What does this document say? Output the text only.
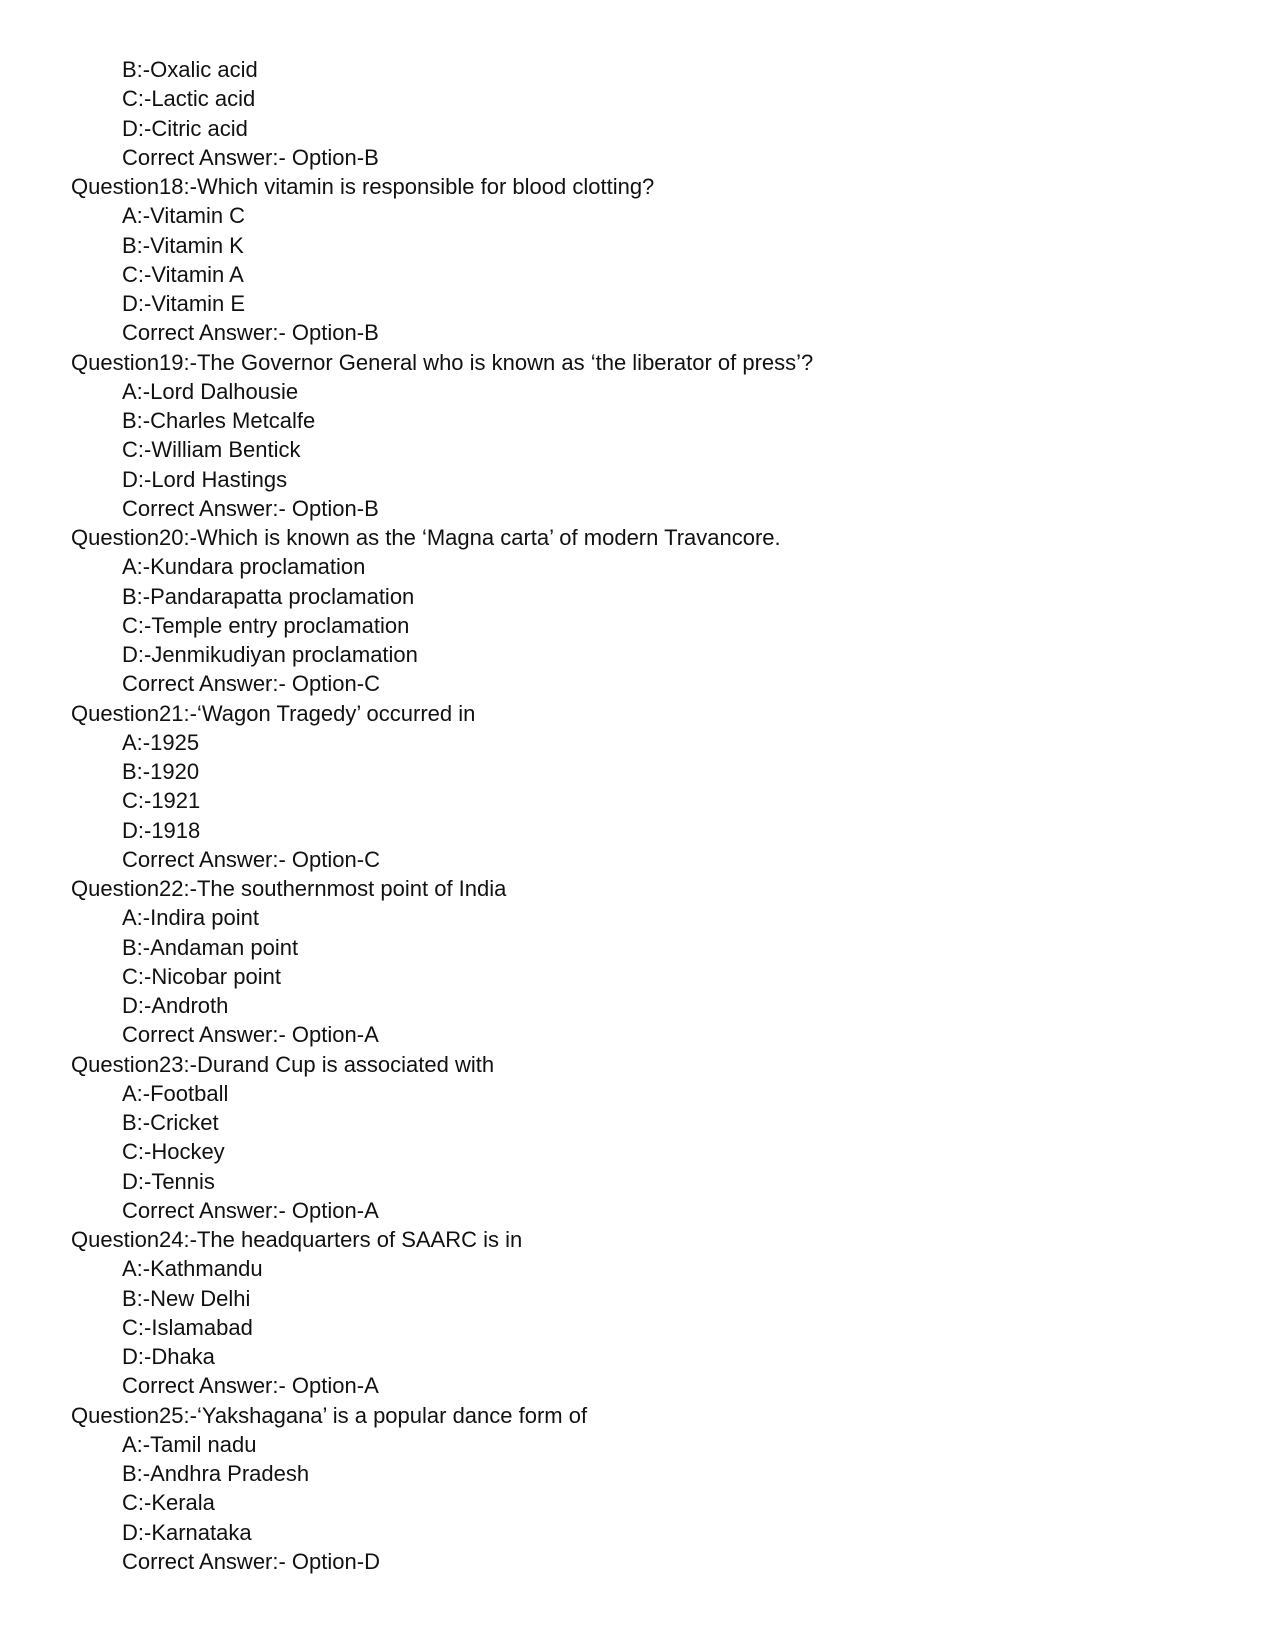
B:-Oxalic acid
C:-Lactic acid
D:-Citric acid
Correct Answer:- Option-B
Question18:-Which vitamin is responsible for blood clotting?
A:-Vitamin C
B:-Vitamin K
C:-Vitamin A
D:-Vitamin E
Correct Answer:- Option-B
Question19:-The Governor General who is known as ‘the liberator of press’?
A:-Lord Dalhousie
B:-Charles Metcalfe
C:-William Bentick
D:-Lord Hastings
Correct Answer:- Option-B
Question20:-Which is known as the ‘Magna carta’ of modern Travancore.
A:-Kundara proclamation
B:-Pandarapatta proclamation
C:-Temple entry proclamation
D:-Jenmikudiyan proclamation
Correct Answer:- Option-C
Question21:-‘Wagon Tragedy’ occurred in
A:-1925
B:-1920
C:-1921
D:-1918
Correct Answer:- Option-C
Question22:-The southernmost point of India
A:-Indira point
B:-Andaman point
C:-Nicobar point
D:-Androth
Correct Answer:- Option-A
Question23:-Durand Cup is associated with
A:-Football
B:-Cricket
C:-Hockey
D:-Tennis
Correct Answer:- Option-A
Question24:-The headquarters of SAARC is in
A:-Kathmandu
B:-New Delhi
C:-Islamabad
D:-Dhaka
Correct Answer:- Option-A
Question25:-‘Yakshagana’ is a popular dance form of
A:-Tamil nadu
B:-Andhra Pradesh
C:-Kerala
D:-Karnataka
Correct Answer:- Option-D
